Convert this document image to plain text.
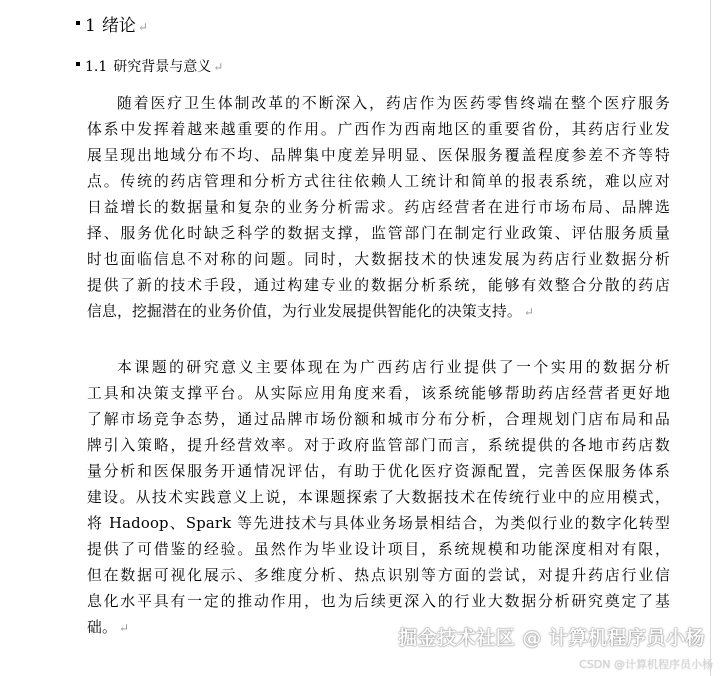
1 绪论 ↵
1.1 研究背景与意义 ↵
随着医疗卫生体制改革的不断深入，药店作为医药零售终端在整个医疗服务
体系中发挥着越来越重要的作用。广西作为西南地区的重要省份，其药店行业发
展呈现出地域分布不均、品牌集中度差异明显、医保服务覆盖程度参差不齐等特
点。传统的药店管理和分析方式往往依赖人工统计和简单的报表系统，难以应对
日益增长的数据量和复杂的业务分析需求。药店经营者在进行市场布局、品牌选
择、服务优化时缺乏科学的数据支撑，监管部门在制定行业政策、评估服务质量
时也面临信息不对称的问题。同时，大数据技术的快速发展为药店行业数据分析
提供了新的技术手段，通过构建专业的数据分析系统，能够有效整合分散的药店
信息，挖掘潜在的业务价值，为行业发展提供智能化的决策支持。 ↵
本课题的研究意义主要体现在为广西药店行业提供了一个实用的数据分析
工具和决策支撑平台。从实际应用角度来看，该系统能够帮助药店经营者更好地
了解市场竞争态势，通过品牌市场份额和城市分布分析，合理规划门店布局和品
牌引入策略，提升经营效率。对于政府监管部门而言，系统提供的各地市药店数
量分析和医保服务开通情况评估，有助于优化医疗资源配置，完善医保服务体系
建设。从技术实践意义上说，本课题探索了大数据技术在传统行业中的应用模式，
将 Hadoop、Spark 等先进技术与具体业务场景相结合，为类似行业的数字化转型
提供了可借鉴的经验。虽然作为毕业设计项目，系统规模和功能深度相对有限，
但在数据可视化展示、多维度分析、热点识别等方面的尝试，对提升药店行业信
息化水平具有一定的推动作用，也为后续更深入的行业大数据分析研究奠定了基
础。 ↵	掘金技术社区 @ 计算机程序员小杨
CSDN @计算机程序员小杨
